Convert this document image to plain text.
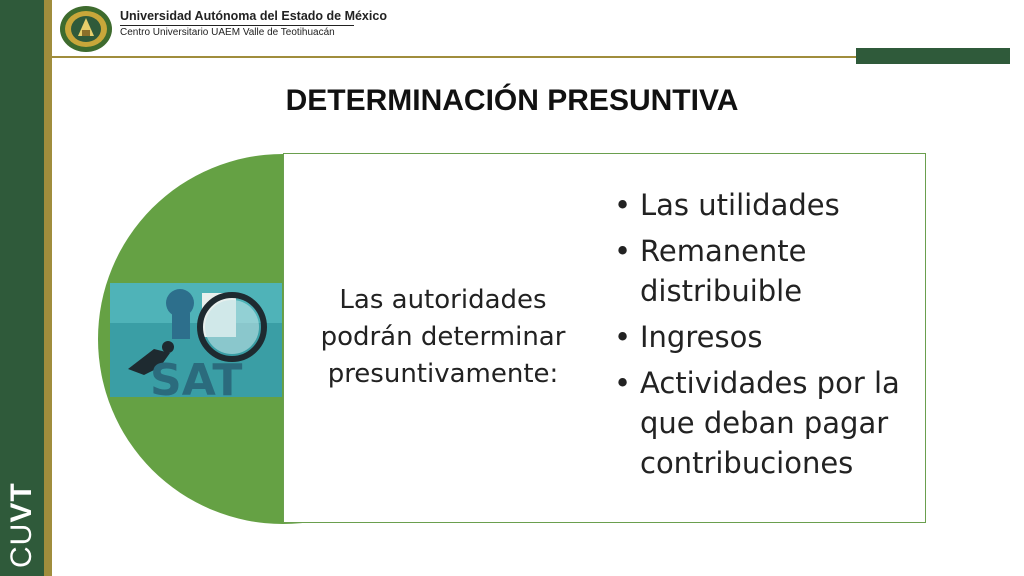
CUVT
Universidad Autónoma del Estado de México
Centro Universitario UAEM Valle de Teotihuacán
DETERMINACIÓN PRESUNTIVA
SAT
Las autoridades podrán determinar presuntivamente:
• Las utilidades
• Remanente distribuible
• Ingresos
• Actividades por la que deban pagar contribuciones
